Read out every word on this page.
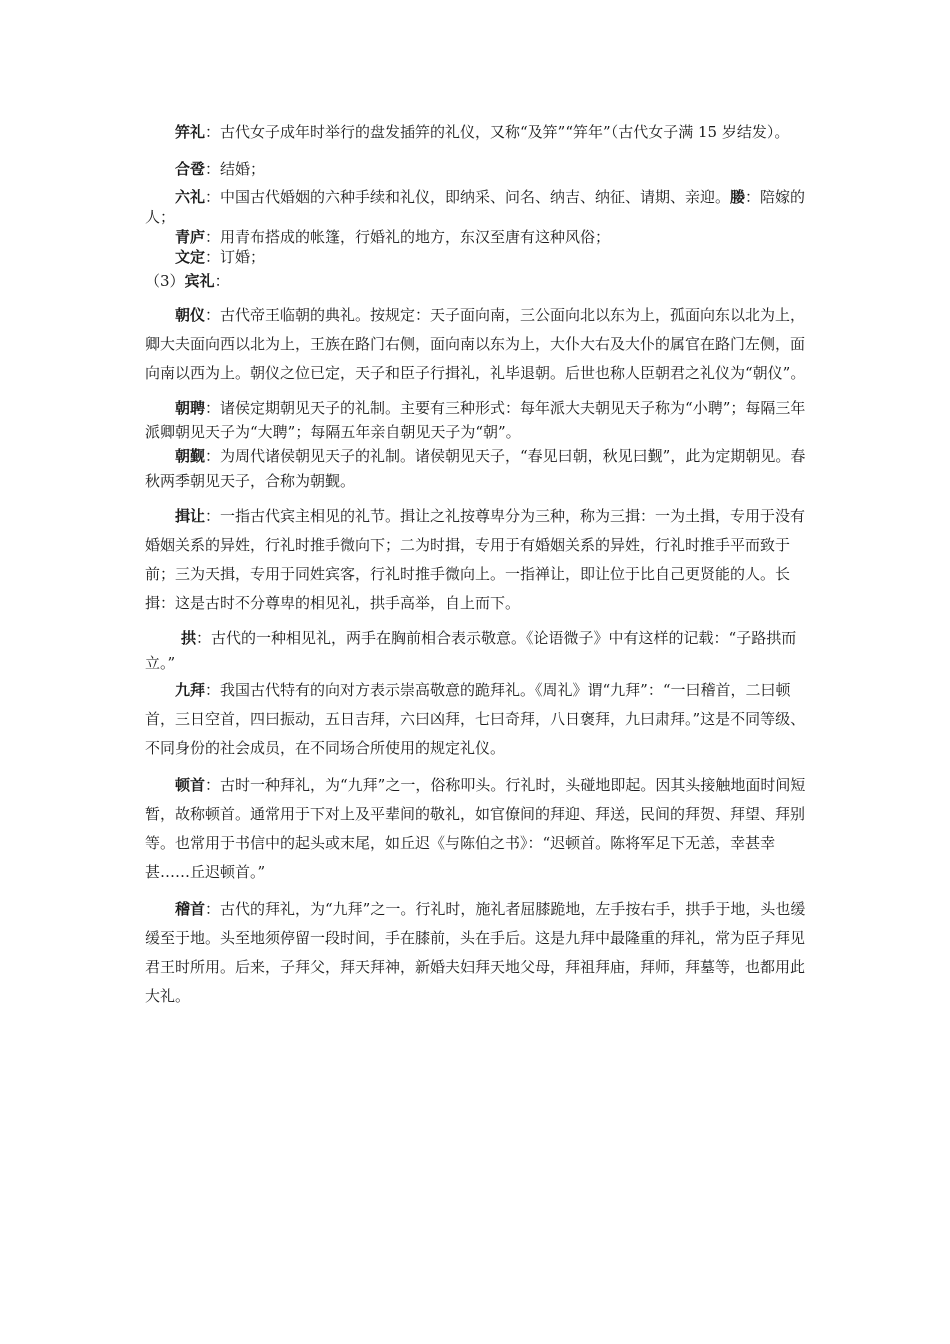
笄礼：古代女子成年时举行的盘发插笄的礼仪，又称“及笄”“笄年”（古代女子满 15 岁结发）。

合卺：结婚；

六礼：中国古代婚姻的六种手续和礼仪，即纳采、问名、纳吉、纳征、请期、亲迎。媵：陪嫁的人；

青庐：用青布搭成的帐篷，行婚礼的地方，东汉至唐有这种风俗；

文定：订婚；

（3）宾礼：

朝仪：古代帝王临朝的典礼。按规定：天子面向南，三公面向北以东为上，孤面向东以北为上，卿大夫面向西以北为上，王族在路门右侧，面向南以东为上，大仆大右及大仆的属官在路门左侧，面向南以西为上。朝仪之位已定，天子和臣子行揖礼，礼毕退朝。后世也称人臣朝君之礼仪为“朝仪”。

朝聘：诸侯定期朝见天子的礼制。主要有三种形式：每年派大夫朝见天子称为“小聘”；每隔三年派卿朝见天子为“大聘”；每隔五年亲自朝见天子为“朝”。

朝觐：为周代诸侯朝见天子的礼制。诸侯朝见天子，“春见曰朝，秋见曰觐”，此为定期朝见。春秋两季朝见天子，合称为朝觐。

揖让：一指古代宾主相见的礼节。揖让之礼按尊卑分为三种，称为三揖：一为土揖，专用于没有婚姻关系的异姓，行礼时推手微向下；二为时揖，专用于有婚姻关系的异姓，行礼时推手平而致于前；三为天揖，专用于同姓宾客，行礼时推手微向上。一指禅让，即让位于比自己更贤能的人。长揖：这是古时不分尊卑的相见礼，拱手高举，自上而下。

拱：古代的一种相见礼，两手在胸前相合表示敬意。《论语微子》中有这样的记载：“子路拱而立。”

九拜：我国古代特有的向对方表示崇高敬意的跪拜礼。《周礼》谓“九拜”：“一曰稽首，二曰顿首，三日空首，四曰振动，五日吉拜，六曰凶拜，七曰奇拜，八日褒拜，九曰肃拜。”这是不同等级、不同身份的社会成员，在不同场合所使用的规定礼仪。

顿首：古时一种拜礼，为“九拜”之一，俗称叩头。行礼时，头碰地即起。因其头接触地面时间短暂，故称顿首。通常用于下对上及平辈间的敬礼，如官僚间的拜迎、拜送，民间的拜贺、拜望、拜别等。也常用于书信中的起头或末尾，如丘迟《与陈伯之书》：“迟顿首。陈将军足下无恙，幸甚幸甚……丘迟顿首。”

稽首：古代的拜礼，为“九拜”之一。行礼时，施礼者屈膝跪地，左手按右手，拱手于地，头也缓缓至于地。头至地须停留一段时间，手在膝前，头在手后。这是九拜中最隆重的拜礼，常为臣子拜见君王时所用。后来，子拜父，拜天拜神，新婚夫妇拜天地父母，拜祖拜庙，拜师，拜墓等，也都用此大礼。
